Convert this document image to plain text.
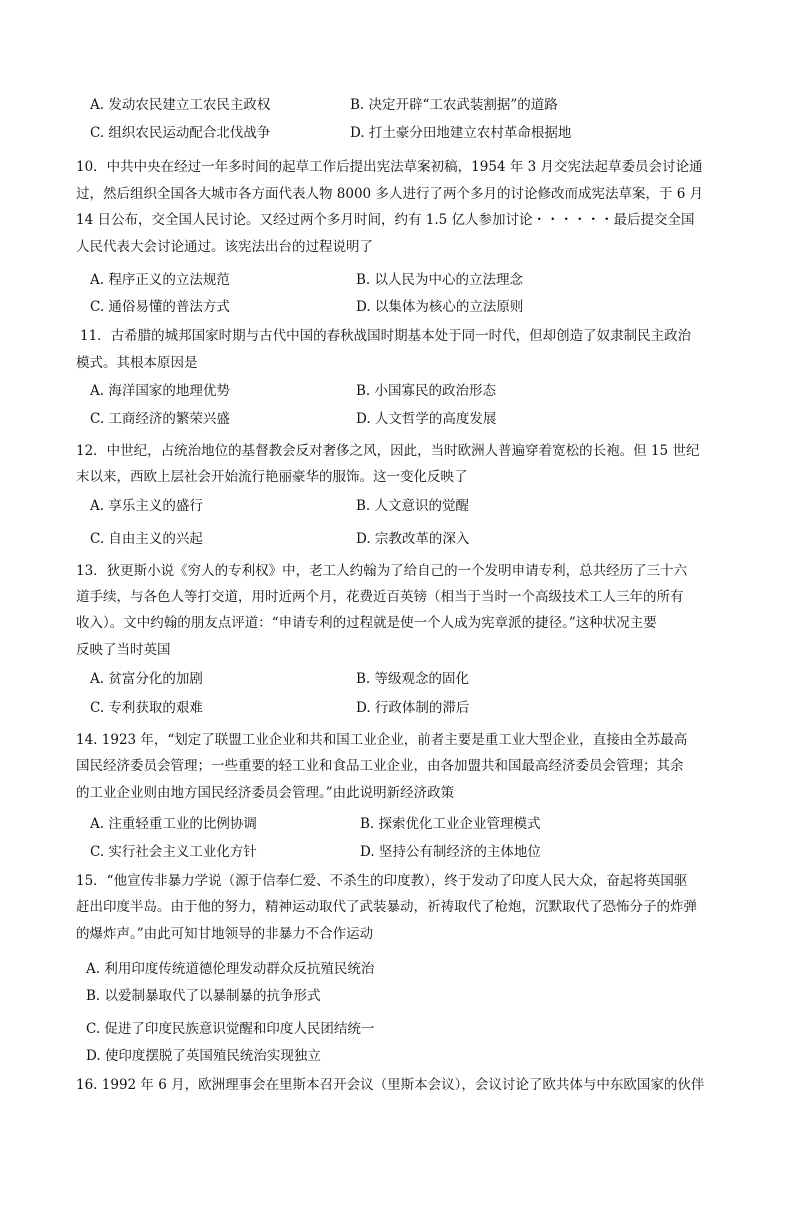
A. 发动农民建立工农民主政权	B. 决定开辟“工农武装割据”的道路
C. 组织农民运动配合北伐战争	D. 打土豪分田地建立农村革命根据地
10．中共中央在经过一年多时间的起草工作后提出宪法草案初稿，1954 年 3 月交宪法起草委员会讨论通
过，然后组织全国各大城市各方面代表人物 8000 多人进行了两个多月的讨论修改而成宪法草案，于 6 月
14 日公布，交全国人民讨论。又经过两个多月时间，约有 1.5 亿人参加讨论・・・・・・最后提交全国
人民代表大会讨论通过。该宪法出台的过程说明了
A. 程序正义的立法规范	B. 以人民为中心的立法理念
C. 通俗易懂的普法方式	D. 以集体为核心的立法原则
11．古希腊的城邦国家时期与古代中国的春秋战国时期基本处于同一时代，但却创造了奴隶制民主政治
模式。其根本原因是
A. 海洋国家的地理优势	B. 小国寡民的政治形态
C. 工商经济的繁荣兴盛	D. 人文哲学的高度发展
12．中世纪，占统治地位的基督教会反对奢侈之风，因此，当时欧洲人普遍穿着宽松的长袍。但 15 世纪
末以来，西欧上层社会开始流行艳丽豪华的服饰。这一变化反映了
A. 享乐主义的盛行	B. 人文意识的觉醒
C. 自由主义的兴起	D. 宗教改革的深入
13．狄更斯小说《穷人的专利权》中，老工人约翰为了给自己的一个发明申请专利，总共经历了三十六
道手续，与各色人等打交道，用时近两个月，花费近百英镑（相当于当时一个高级技术工人三年的所有
收入）。文中约翰的朋友点评道：“申请专利的过程就是使一个人成为宪章派的捷径。”这种状况主要
反映了当时英国
A. 贫富分化的加剧	B. 等级观念的固化
C. 专利获取的艰难	D. 行政体制的滞后
14. 1923 年，“划定了联盟工业企业和共和国工业企业，前者主要是重工业大型企业，直接由全苏最高
国民经济委员会管理；一些重要的轻工业和食品工业企业，由各加盟共和国最高经济委员会管理；其余
的工业企业则由地方国民经济委员会管理。”由此说明新经济政策
A. 注重轻重工业的比例协调	B. 探索优化工业企业管理模式
C. 实行社会主义工业化方针	D. 坚持公有制经济的主体地位
15．“他宣传非暴力学说（源于信奉仁爱、不杀生的印度教），终于发动了印度人民大众，奋起将英国驱
赶出印度半岛。由于他的努力，精神运动取代了武装暴动，祈祷取代了枪炮，沉默取代了恐怖分子的炸弹
的爆炸声。”由此可知甘地领导的非暴力不合作运动
A. 利用印度传统道德伦理发动群众反抗殖民统治
B. 以爱制暴取代了以暴制暴的抗争形式
C. 促进了印度民族意识觉醒和印度人民团结统一
D. 使印度摆脱了英国殖民统治实现独立
16. 1992 年 6 月，欧洲理事会在里斯本召开会议（里斯本会议），会议讨论了欧共体与中东欧国家的伙伴
